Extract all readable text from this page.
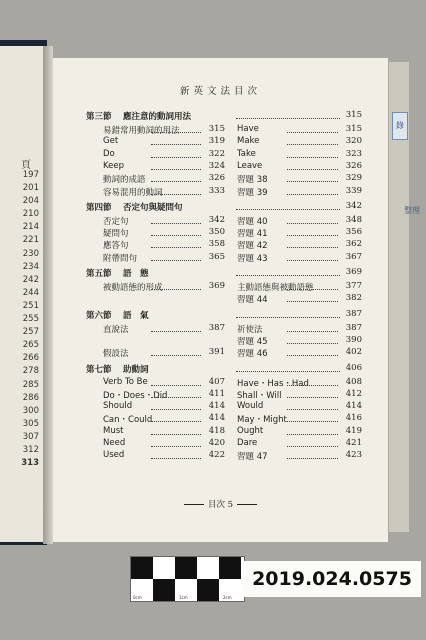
頁
197
201
204
210
214
221
230
234
242
244
251
255
257
265
266
278
285
286
300
305
307
312
313
錄
整理
新英文法目次
第三節 應注意的動詞用法	315
易錯常用動詞的用法	315 Have	315
Get	319 Make	320
Do	322 Take	323
Keep	324 Leave	326
動詞的成語	326 習題 38	329
容易混用的動詞	333 習題 39	339
第四節 否定句與疑問句	342
否定句	342 習題 40	348
疑問句	350 習題 41	356
應答句	358 習題 42	362
附帶問句	365 習題 43	367
第五節 語　態	369
被動語態的形成	369 主動語態與被動語態	377
習題 44	382
第六節 語　氣	387
直說法	387 祈使法	387
習題 45	390
假設法	391 習題 46	402
第七節 助動詞	406
Verb To Be	407 Have・Has・Had	408
Do・Does・Did	411 Shall・Will	412
Should	414 Would	414
Can・Could	414 May・Might	416
Must	418 Ought	419
Need	420 Dare	421
Used	422 習題 47	423
目次 5
0cm	1cm	2cm
2019.024.0575
